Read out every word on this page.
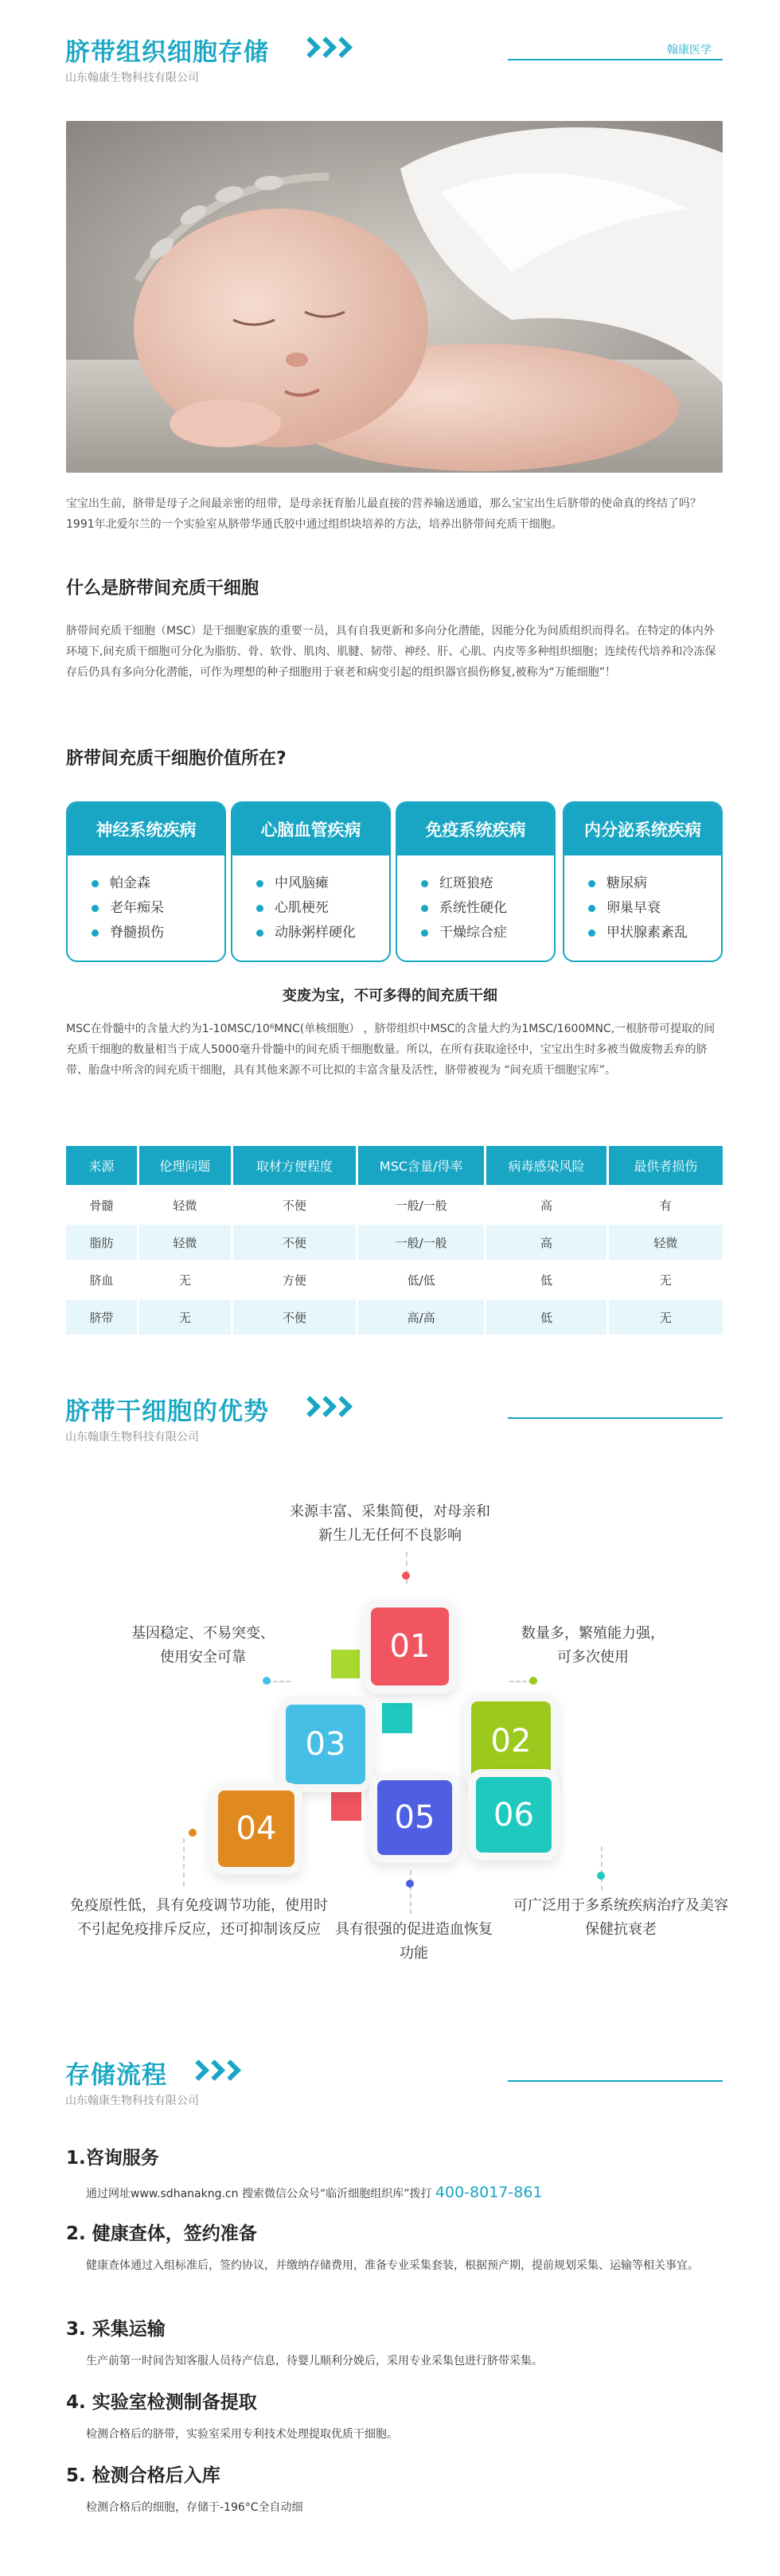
脐带组织细胞存储
山东翰康生物科技有限公司
翰康医学
宝宝出生前，脐带是母子之间最亲密的纽带，是母亲抚育胎儿最直接的营养输送通道，那么宝宝出生后脐带的使命真的终结了吗？ 1991年北爱尔兰的一个实验室从脐带华通氏胶中通过组织块培养的方法，培养出脐带间充质干细胞。
什么是脐带间充质干细胞
脐带间充质干细胞（MSC）是干细胞家族的重要一员，具有自我更新和多向分化潜能，因能分化为间质组织而得名。在特定的体内外环境下,间充质干细胞可分化为脂肪、骨、软骨、肌肉、肌腱、韧带、神经、肝、心肌、内皮等多种组织细胞；连续传代培养和冷冻保存后仍具有多向分化潜能，可作为理想的种子细胞用于衰老和病变引起的组织器官损伤修复,被称为“万能细胞”！
脐带间充质干细胞价值所在?
神经系统疾病
帕金森
老年痴呆
脊髓损伤
心脑血管疾病
中风脑瘫
心肌梗死
动脉粥样硬化
免疫系统疾病
红斑狼疮
系统性硬化
干燥综合症
内分泌系统疾病
糖尿病
卵巢早衰
甲状腺素紊乱
变废为宝，不可多得的间充质干细
MSC在骨髓中的含量大约为1-10MSC/10⁶MNC(单核细胞） ，脐带组织中MSC的含量大约为1MSC/1600MNC,一根脐带可提取的间充质干细胞的数量相当于成人5000毫升骨髓中的间充质干细胞数量。所以，在所有获取途径中，宝宝出生时多被当做废物丢弃的脐带、胎盘中所含的间充质干细胞，具有其他来源不可比拟的丰富含量及活性，脐带被视为 “间充质干细胞宝库”。
来源	伦理问题	取材方便程度	MSC含量/得率	病毒感染风险	最供者损伤
骨髓	轻微	不便	一般/一般	高	有
脂肪	轻微	不便	一般/一般	高	轻微
脐血	无	方便	低/低	低	无
脐带	无	不便	高/高	低	无
脐带干细胞的优势
山东翰康生物科技有限公司
来源丰富、采集简便，对母亲和新生儿无任何不良影响
数量多，繁殖能力强，可多次使用
基因稳定、不易突变、使用安全可靠
免疫原性低，具有免疫调节功能，使用时不引起免疫排斥反应，还可抑制该反应	具有很强的促进造血恢复功能
可广泛用于多系统疾病治疗及美容保健抗衰老
01
02
03
04	05 06
存储流程
山东翰康生物科技有限公司
1.咨询服务
通过网址www.sdhanakng.cn 搜索微信公众号“临沂细胞组织库”拨打 400-8017-861
2. 健康查体，签约准备
健康查体通过入组标准后，签约协议，并缴纳存储费用，准备专业采集套装，根据预产期，提前规划采集、运输等相关事宜。
3. 采集运输
生产前第一时间告知客服人员待产信息，待婴儿顺利分娩后，采用专业采集包进行脐带采集。
4. 实验室检测制备提取
检测合格后的脐带，实验室采用专利技术处理提取优质干细胞。
5. 检测合格后入库
检测合格后的细胞，存储于-196°C全自动细
